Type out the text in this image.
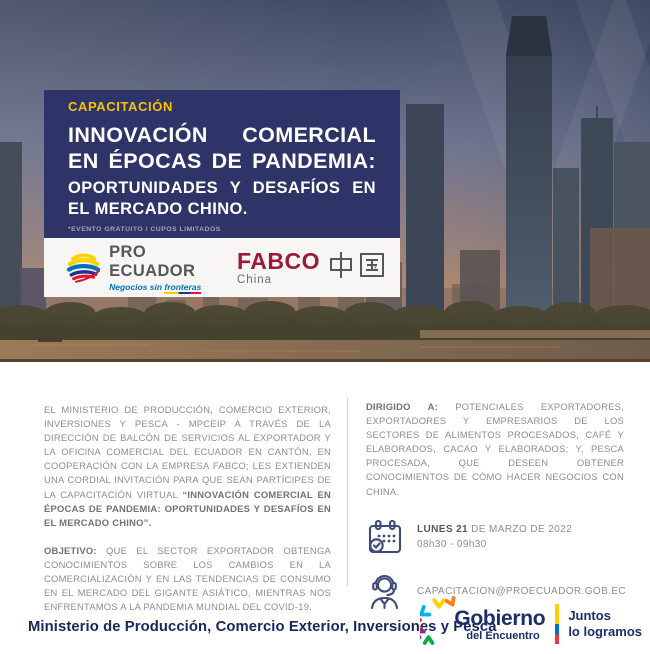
CAPACITACIÓN
INNOVACIÓN COMERCIAL
EN ÉPOCAS DE PANDEMIA:
OPORTUNIDADES Y DESAFÍOS EN
EL MERCADO CHINO.
*EVENTO GRATUITO / CUPOS LIMITADOS
PRO ECUADOR
Negocios sin fronteras
FABCO
China

EL MINISTERIO DE PRODUCCIÓN, COMERCIO EXTERIOR, INVERSIONES Y PESCA - MPCEIP A TRAVÉS DE LA DIRECCIÓN DE BALCÓN DE SERVICIOS AL EXPORTADOR Y LA OFICINA COMERCIAL DEL ECUADOR EN CANTÓN, EN COOPERACIÓN CON LA EMPRESA FABCO; LES EXTIENDEN UNA CORDIAL INVITACIÓN PARA QUE SEAN PARTÍCIPES DE LA CAPACITACIÓN VIRTUAL “INNOVACIÓN COMERCIAL EN ÉPOCAS DE PANDEMIA: OPORTUNIDADES Y DESAFÍOS EN EL MERCADO CHINO”.

OBJETIVO: QUE EL SECTOR EXPORTADOR OBTENGA CONOCIMIENTOS SOBRE LOS CAMBIOS EN LA COMERCIALIZACIÓN Y EN LAS TENDENCIAS DE CONSUMO EN EL MERCADO DEL GIGANTE ASIÁTICO, MIENTRAS NOS ENFRENTAMOS A LA PANDEMIA MUNDIAL DEL COVID-19.

DIRIGIDO A: POTENCIALES EXPORTADORES, EXPORTADORES Y EMPRESARIOS DE LOS SECTORES DE ALIMENTOS PROCESADOS, CAFÉ Y ELABORADOS, CACAO Y ELABORADOS; Y, PESCA PROCESADA, QUE DESEEN OBTENER CONOCIMIENTOS DE CÓMO HACER NEGOCIOS CON CHINA.

LUNES 21 DE MARZO DE 2022
08h30 - 09h30
CAPACITACION@PROECUADOR.GOB.EC
Ministerio de Producción, Comercio Exterior, Inversiones y Pesca
Gobierno
del Encuentro
Juntos
lo logramos
